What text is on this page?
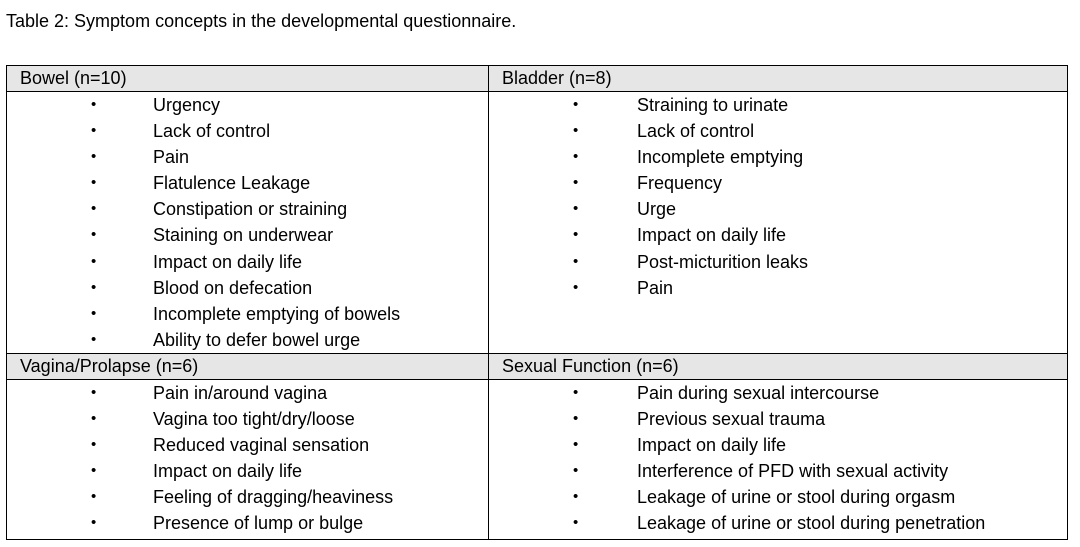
Table 2: Symptom concepts in the developmental questionnaire.
Bowel (n=10)
•	Urgency
•	Lack of control
•	Pain
•	Flatulence Leakage
•	Constipation or straining
•	Staining on underwear
•	Impact on daily life
•	Blood on defecation
•	Incomplete emptying of bowels
•	Ability to defer bowel urge
Bladder (n=8)
•	Straining to urinate
•	Lack of control
•	Incomplete emptying
•	Frequency
•	Urge
•	Impact on daily life
•	Post-micturition leaks
•	Pain
Vagina/Prolapse (n=6)
•	Pain in/around vagina
•	Vagina too tight/dry/loose
•	Reduced vaginal sensation
•	Impact on daily life
•	Feeling of dragging/heaviness
•	Presence of lump or bulge
Sexual Function (n=6)
•	Pain during sexual intercourse
•	Previous sexual trauma
•	Impact on daily life
•	Interference of PFD with sexual activity
•	Leakage of urine or stool during orgasm
•	Leakage of urine or stool during penetration
